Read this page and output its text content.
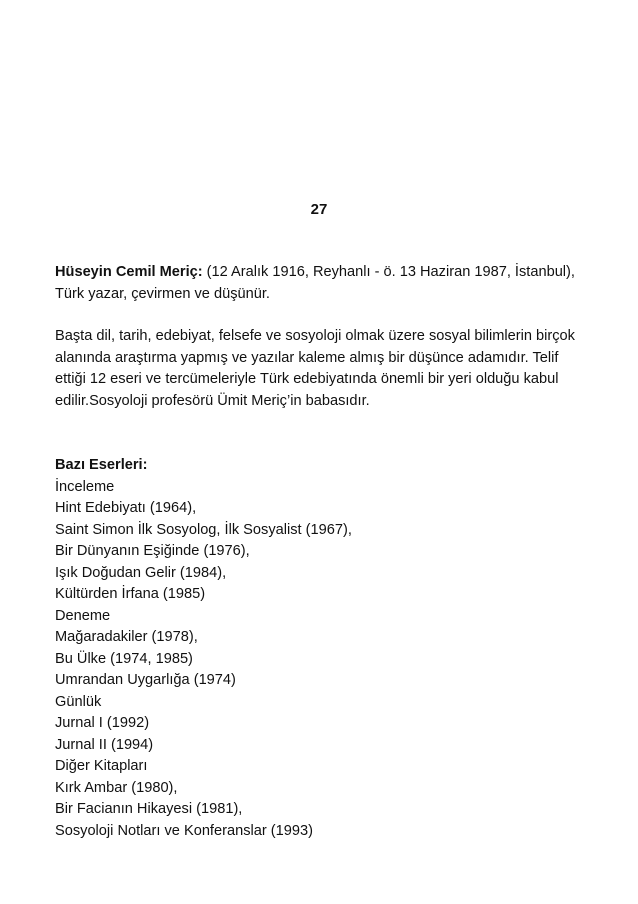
27

Hüseyin Cemil Meriç: (12 Aralık 1916, Reyhanlı - ö. 13 Haziran 1987, İstanbul), Türk yazar, çevirmen ve düşünür.

Başta dil, tarih, edebiyat, felsefe ve sosyoloji olmak üzere sosyal bilimlerin birçok alanında araştırma yapmış ve yazılar kaleme almış bir düşünce adamıdır. Telif ettiği 12 eseri ve tercümeleriyle Türk edebiyatında önemli bir yeri olduğu kabul edilir.Sosyoloji profesörü Ümit Meriç’in babasıdır.

Bazı Eserleri:
İnceleme
Hint Edebiyatı (1964),
Saint Simon İlk Sosyolog, İlk Sosyalist (1967),
Bir Dünyanın Eşiğinde (1976),
Işık Doğudan Gelir (1984),
Kültürden İrfana (1985)
Deneme
Mağaradakiler (1978),
Bu Ülke (1974, 1985)
Umrandan Uygarlığa (1974)
Günlük
Jurnal I (1992)
Jurnal II (1994)
Diğer Kitapları
Kırk Ambar (1980),
Bir Facianın Hikayesi (1981),
Sosyoloji Notları ve Konferanslar (1993)
